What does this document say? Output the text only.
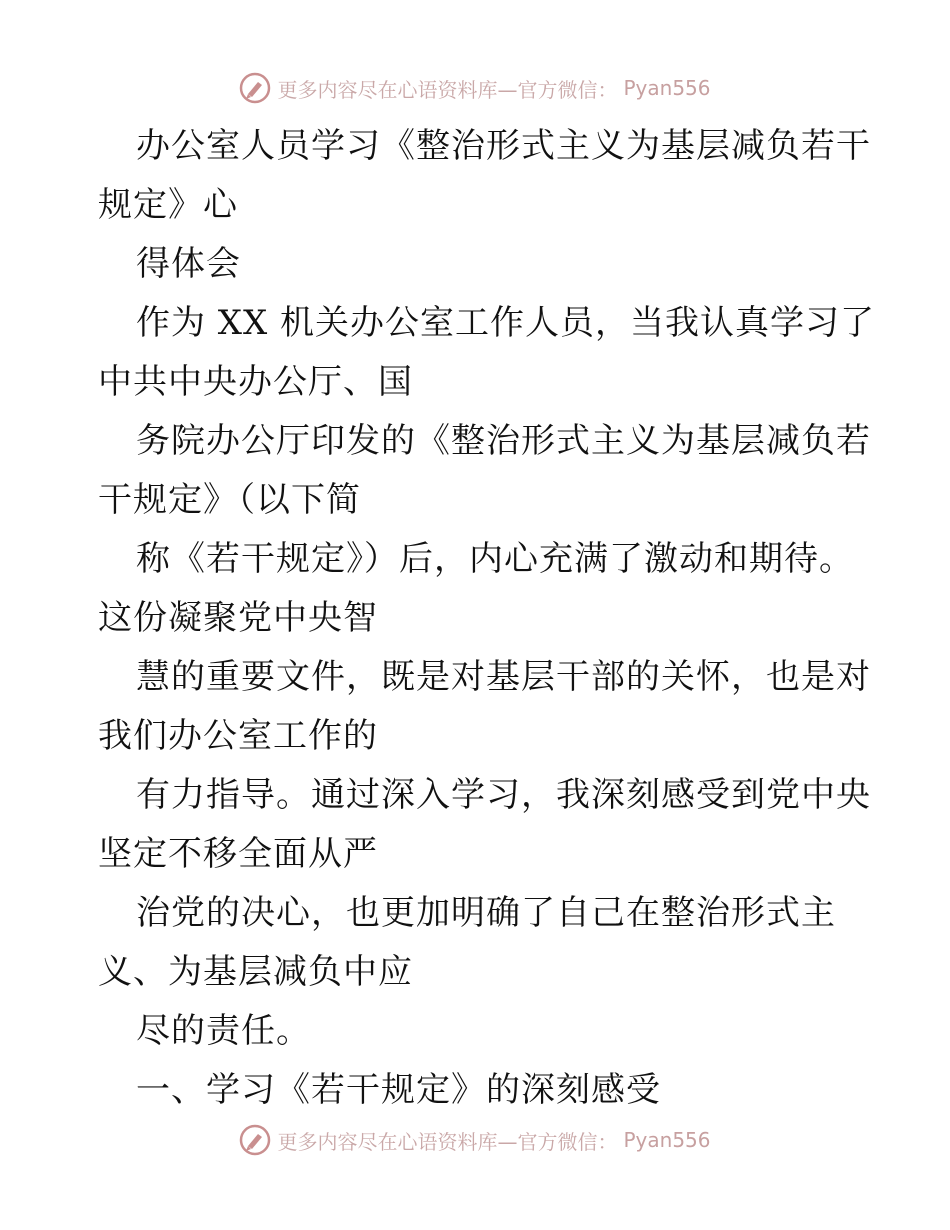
更多内容尽在心语资料库—官方微信： Pyan556
办公室人员学习《整治形式主义为基层减负若干
规定》心
得体会
作为 XX 机关办公室工作人员，当我认真学习了
中共中央办公厅、国
务院办公厅印发的《整治形式主义为基层减负若
干规定》（以下简
称《若干规定》）后，内心充满了激动和期待。
这份凝聚党中央智
慧的重要文件，既是对基层干部的关怀，也是对
我们办公室工作的
有力指导。通过深入学习，我深刻感受到党中央
坚定不移全面从严
治党的决心，也更加明确了自己在整治形式主
义、为基层减负中应
尽的责任。
一、学习《若干规定》的深刻感受
更多内容尽在心语资料库—官方微信： Pyan556
